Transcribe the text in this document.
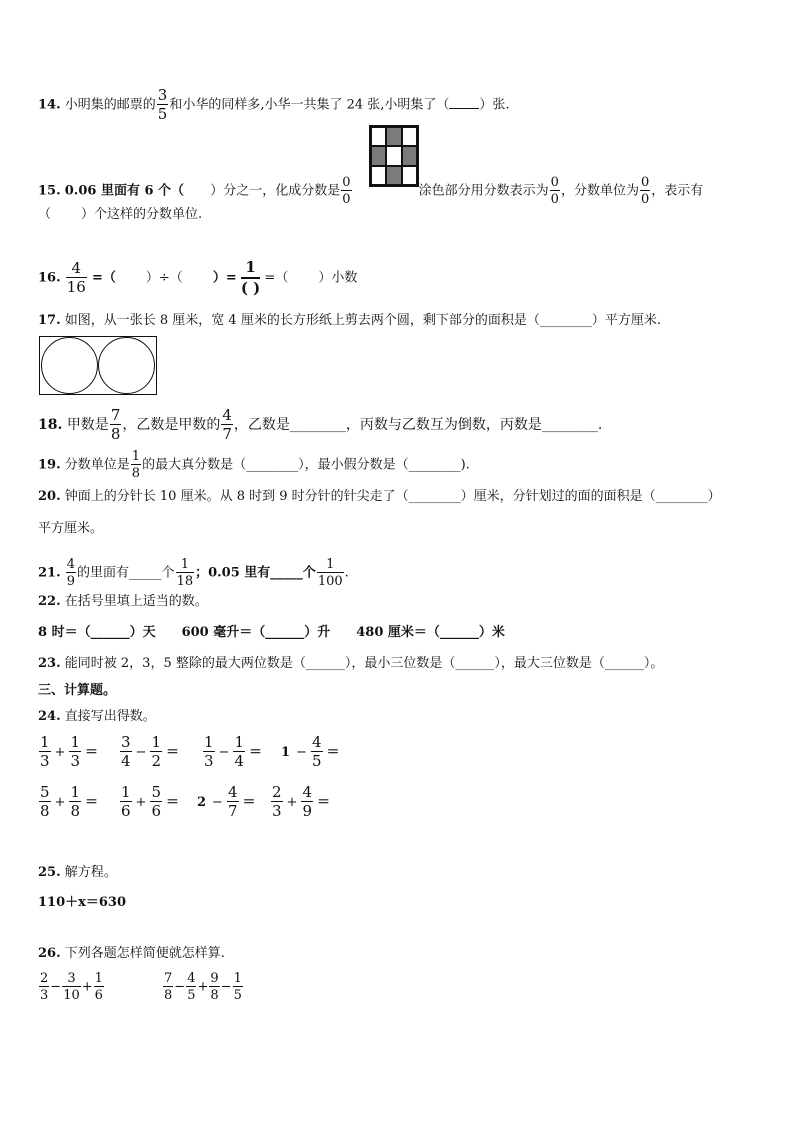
14. 小明集的邮票的 $\frac{3}{5}$ 和小华的同样多,小华一共集了 24 张,小明集了（ ）张.
15. 0.06 里面有 6 个（ ）分之一，化成分数是 $\frac{0}{0}$	涂色部分用分数表示为 $\frac{0}{0}$ ，分数单位为 $\frac{0}{0}$ ，表示有
（ ）个这样的分数单位.
16. $\frac{4}{16}$ =（ ）÷（ ）=
1
( )
=（ ）小数
17. 如图，从一张长 8 厘米，宽 4 厘米的长方形纸上剪去两个圆，剩下部分的面积是（________）平方厘米.
18. 甲数是 $\frac{7}{8}$ ，乙数是甲数的 $\frac{4}{7}$ ，乙数是________，丙数与乙数互为倒数，丙数是________.
19. 分数单位是 $\frac{1}{8}$ 的最大真分数是（________），最小假分数是（________).
20. 钟面上的分针长 10 厘米。从 8 时到 9 时分针的针尖走了（________）厘米，分针划过的面的面积是（________）
平方厘米。
21. $\frac{4}{9}$ 的里面有_____个 $\frac{1}{18}$ ；0.05 里有_____个 $\frac{1}{100}$ .
22. 在括号里填上适当的数。
8 时＝（______）天　　600 毫升＝（______）升　　480 厘米＝（______）米
23. 能同时被 2，3，5 整除的最大两位数是（______），最小三位数是（______），最大三位数是（______）。
三、计算题。
24. 直接写出得数。
$\frac{1}{3} + \frac{1}{3} = \frac{3}{4} - \frac{1}{2} = \frac{1}{3} - \frac{1}{4} = 1 - \frac{4}{5}$ ＝
$\frac{5}{8} + \frac{1}{8} = \frac{1}{6} + \frac{5}{6} = 2 - \frac{4}{7} = \frac{2}{3} + \frac{4}{9}$ ＝
25. 解方程。
110＋x＝630
26. 下列各题怎样简便就怎样算.
$\frac{2}{3} - \frac{3}{10} + \frac{1}{6}$	$\frac{7}{8} - \frac{4}{5} + \frac{9}{8} - \frac{1}{5}$
